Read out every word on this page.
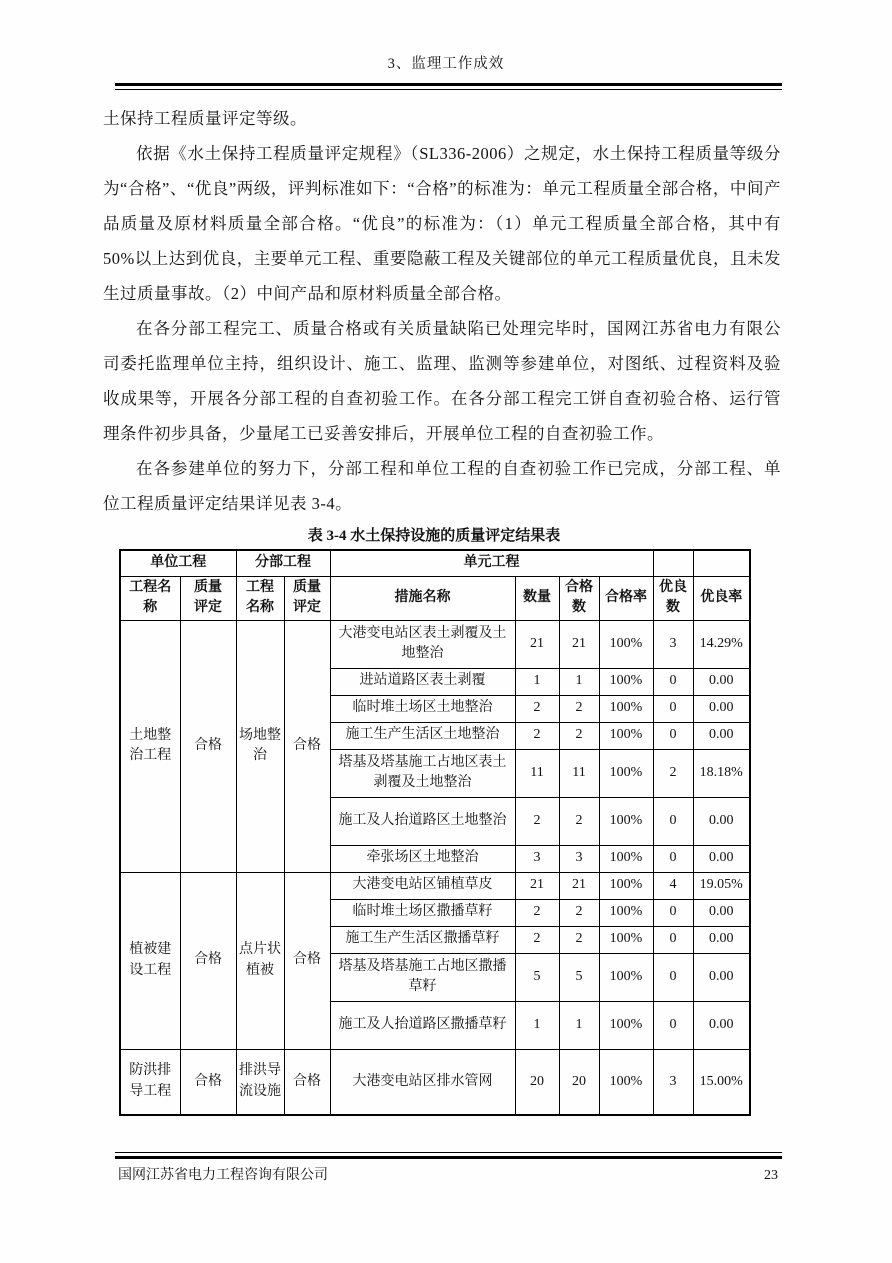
3、监理工作成效

土保持工程质量评定等级。

依据《水土保持工程质量评定规程》（SL336-2006）之规定，水土保持工程质量等级分为“合格”、“优良”两级，评判标准如下：“合格”的标准为：单元工程质量全部合格，中间产品质量及原材料质量全部合格。“优良”的标准为：（1）单元工程质量全部合格，其中有 50%以上达到优良，主要单元工程、重要隐蔽工程及关键部位的单元工程质量优良，且未发生过质量事故。（2）中间产品和原材料质量全部合格。

在各分部工程完工、质量合格或有关质量缺陷已处理完毕时，国网江苏省电力有限公司委托监理单位主持，组织设计、施工、监理、监测等参建单位，对图纸、过程资料及验收成果等，开展各分部工程的自查初验工作。在各分部工程完工饼自查初验合格、运行管理条件初步具备，少量尾工已妥善安排后，开展单位工程的自查初验工作。

在各参建单位的努力下，分部工程和单位工程的自查初验工作已完成，分部工程、单位工程质量评定结果详见表 3-4。

表 3-4 水土保持设施的质量评定结果表
单位工程		分部工程		单元工程					
工程名称	质量评定	工程名称	质量评定	措施名称	数量	合格数	合格率	优良数	优良率
土地整治工程	合格	场地整治	合格	大港变电站区表土剥覆及土地整治	21	21	100%	3	14.29%
				进站道路区表土剥覆	1	1	100%	0	0.00
				临时堆土场区土地整治	2	2	100%	0	0.00
				施工生产生活区土地整治	2	2	100%	0	0.00
				塔基及塔基施工占地区表土剥覆及土地整治	11	11	100%	2	18.18%
				施工及人抬道路区土地整治	2	2	100%	0	0.00
				牵张场区土地整治	3	3	100%	0	0.00
植被建设工程	合格	点片状植被	合格	大港变电站区铺植草皮	21	21	100%	4	19.05%
				临时堆土场区撒播草籽	2	2	100%	0	0.00
				施工生产生活区撒播草籽	2	2	100%	0	0.00
				塔基及塔基施工占地区撒播草籽	5	5	100%	0	0.00
				施工及人抬道路区撒播草籽	1	1	100%	0	0.00
防洪排导工程	合格	排洪导流设施	合格	大港变电站区排水管网	20	20	100%	3	15.00%
国网江苏省电力工程咨询有限公司	23
